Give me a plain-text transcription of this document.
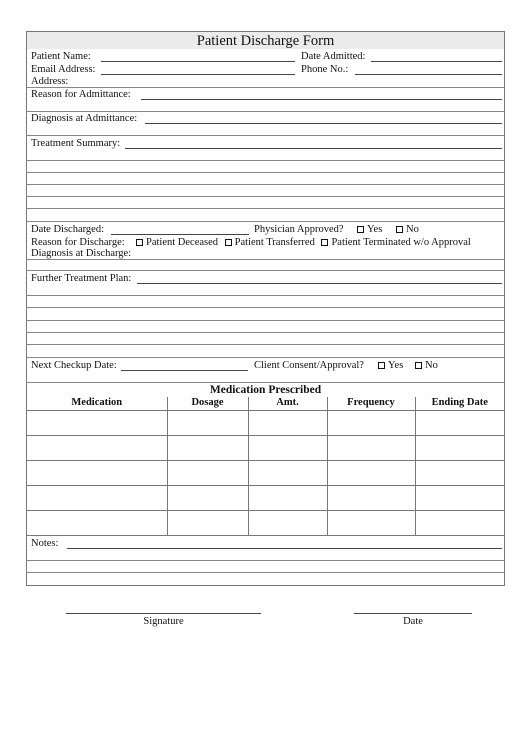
Patient Discharge Form
Patient Name:	Date Admitted:
Email Address:	Phone No.:
Address:
Reason for Admittance:
Diagnosis at Admittance:
Treatment Summary:
Date Discharged:	Physician Approved?	Yes	No
Reason for Discharge:	Patient Deceased Patient Transferred Patient Terminated w/o Approval
Diagnosis at Discharge:
Further Treatment Plan:
Next Checkup Date:	Client Consent/Approval?	Yes	No
Medication Prescribed
Medication	Dosage	Amt.	Frequency	Ending Date

Notes:
Signature	Date
